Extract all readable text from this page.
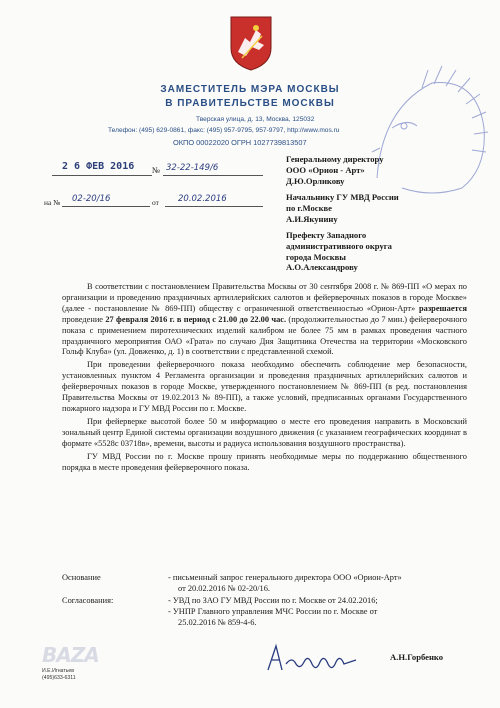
ЗАМЕСТИТЕЛЬ МЭРА МОСКВЫ
В ПРАВИТЕЛЬСТВЕ МОСКВЫ
Тверская улица, д. 13, Москва, 125032
Телефон: (495) 629-0861, факс: (495) 957-9795, 957-9797, http://www.mos.ru
ОКПО 00022020 ОГРН 1027739813507
2 6 ФЕВ 2016 № 32-22-149/6
на № 02-20/16	от 20.02.2016
Генеральному директору
ООО «Орион - Арт»
Д.Ю.Орликову
Начальнику ГУ МВД России
по г.Москве
А.И.Якунину
Префекту Западного
административного округа
города Москвы
А.О.Александрову

В соответствии с постановлением Правительства Москвы от 30 сентября 2008 г. № 869-ПП «О мерах по организации и проведению праздничных артиллерийских салютов и фейерверочных показов в городе Москве» (далее - постановление № 869-ПП) обществу с ограниченной ответственностью «Орион-Арт» разрешается проведение 27 февраля 2016 г. в период с 21.00 до 22.00 час. (продолжительностью до 7 мин.) фейерверочного показа с применением пиротехнических изделий калибром не более 75 мм в рамках проведения частного праздничного мероприятия ОАО «Грата» по случаю Дня Защитника Отечества на территории «Московского Гольф Клуба» (ул. Довженко, д. 1) в соответствии с представленной схемой.

При проведении фейерверочного показа необходимо обеспечить соблюдение мер безопасности, установленных пунктом 4 Регламента организации и проведения праздничных артиллерийских салютов и фейерверочных показов в городе Москве, утвержденного постановлением № 869-ПП (в ред. постановления Правительства Москвы от 19.02.2013 № 89-ПП), а также условий, предписанных органами Государственного пожарного надзора и ГУ МВД России по г. Москве.

При фейерверке высотой более 50 м информацию о месте его проведения направить в Московский зональный центр Единой системы организации воздушного движения (с указанием географических координат в формате «5528с 03718в», времени, высоты и радиуса использования воздушного пространства).

ГУ МВД России по г. Москве прошу принять необходимые меры по поддержанию общественного порядка в месте проведения фейерверочного показа.

Основание	- письменный запрос генерального директора ООО «Орион-Арт»
от 20.02.2016 № 02-20/16.
Согласования:	- УВД по ЗАО ГУ МВД России по г. Москве от 24.02.2016;
- УНПР Главного управления МЧС России по г. Москве от
25.02.2016 № 859-4-6.
А.Н.Горбенко
BAZA
И.Е.Игнатьев
(495)633-6311
